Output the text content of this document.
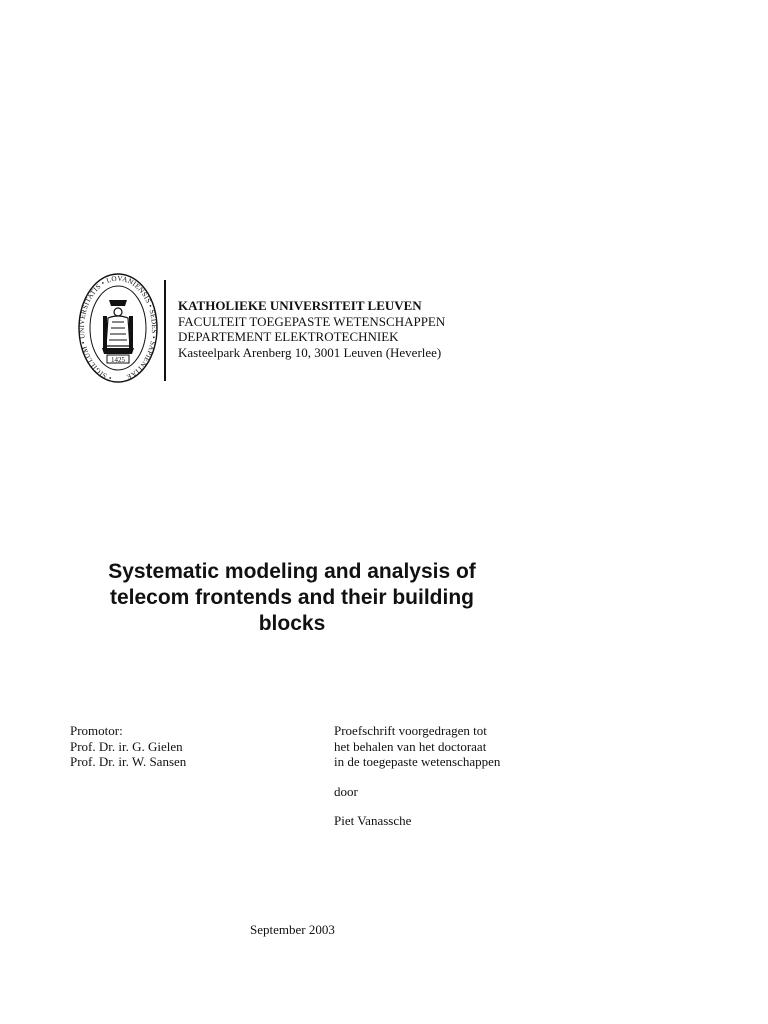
• SIGILLUM • UNIVERSITATIS • LOVANIENSIS • SEDES • SAPIENTIAE
1425
KATHOLIEKE UNIVERSITEIT LEUVEN
FACULTEIT TOEGEPASTE WETENSCHAPPEN
DEPARTEMENT ELEKTROTECHNIEK
Kasteelpark Arenberg 10, 3001 Leuven (Heverlee)
Systematic modeling and analysis of
telecom frontends and their building
blocks
Promotor:
Prof. Dr. ir. G. Gielen
Prof. Dr. ir. W. Sansen
Proefschrift voorgedragen tot
het behalen van het doctoraat
in de toegepaste wetenschappen
door
Piet Vanassche
September 2003
